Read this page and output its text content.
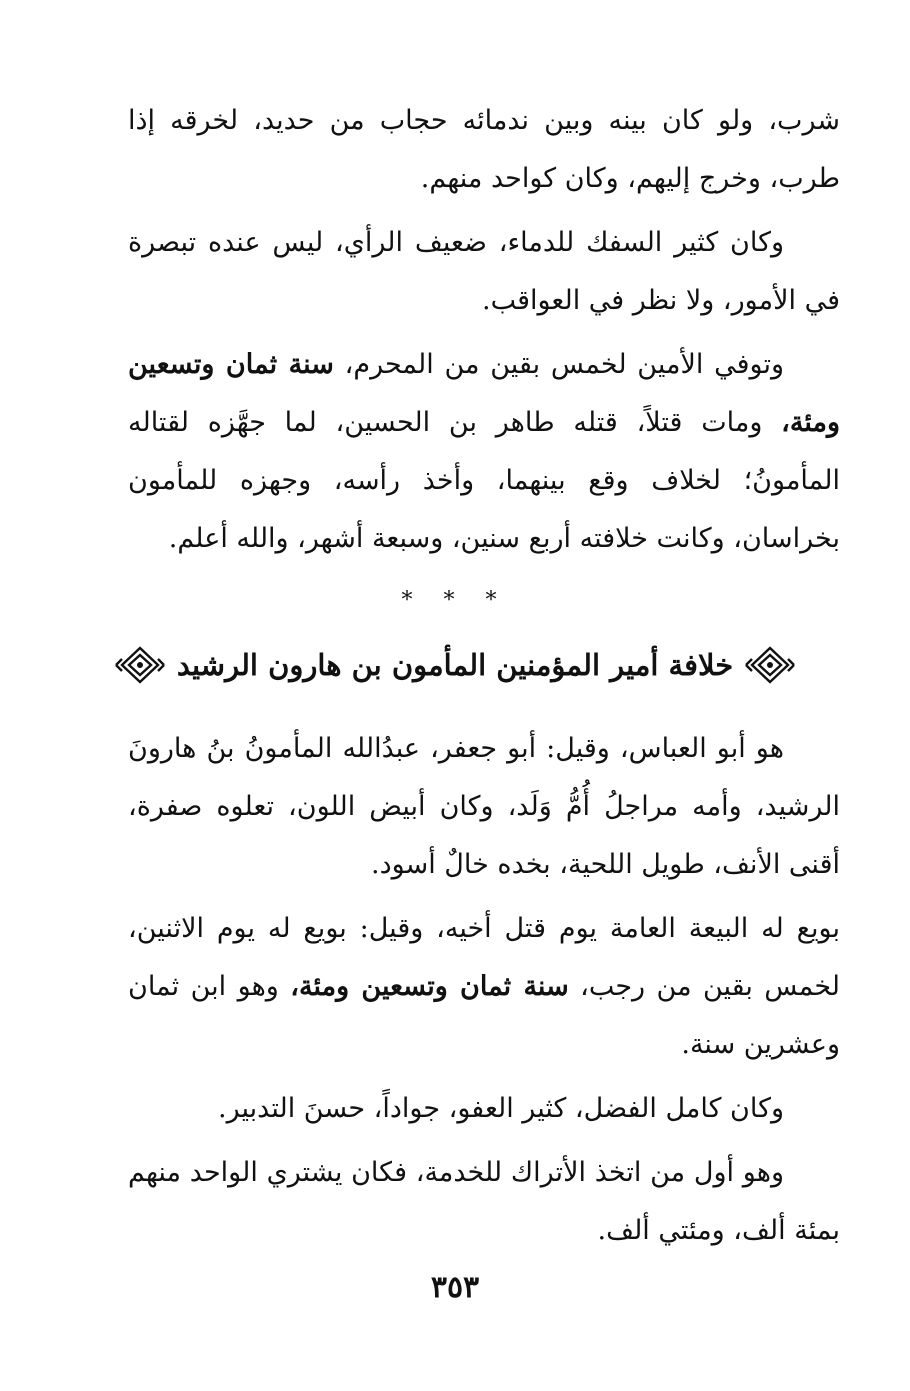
شرب، ولو كان بينه وبين ندمائه حجاب من حديد، لخرقه إذا طرب، وخرج إليهم، وكان كواحد منهم.

وكان كثير السفك للدماء، ضعيف الرأي، ليس عنده تبصرة في الأمور، ولا نظر في العواقب.

وتوفي الأمين لخمس بقين من المحرم، سنة ثمان وتسعين ومئة، ومات قتلاً، قتله طاهر بن الحسين، لما جهَّزه لقتاله المأمونُ؛ لخلاف وقع بينهما، وأخذ رأسه، وجهزه للمأمون بخراسان، وكانت خلافته أربع سنين، وسبعة أشهر، والله أعلم.

* * *
خلافة أمير المؤمنين المأمون بن هارون الرشيد

هو أبو العباس، وقيل: أبو جعفر، عبدُالله المأمونُ بنُ هارونَ الرشيد، وأمه مراجلُ أُمُّ وَلَد، وكان أبيض اللون، تعلوه صفرة، أقنى الأنف، طويل اللحية، بخده خالٌ أسود.

بويع له البيعة العامة يوم قتل أخيه، وقيل: بويع له يوم الاثنين، لخمس بقين من رجب، سنة ثمان وتسعين ومئة، وهو ابن ثمان وعشرين سنة.

وكان كامل الفضل، كثير العفو، جواداً، حسنَ التدبير.

وهو أول من اتخذ الأتراك للخدمة، فكان يشتري الواحد منهم بمئة ألف، ومئتي ألف.

٣٥٣
